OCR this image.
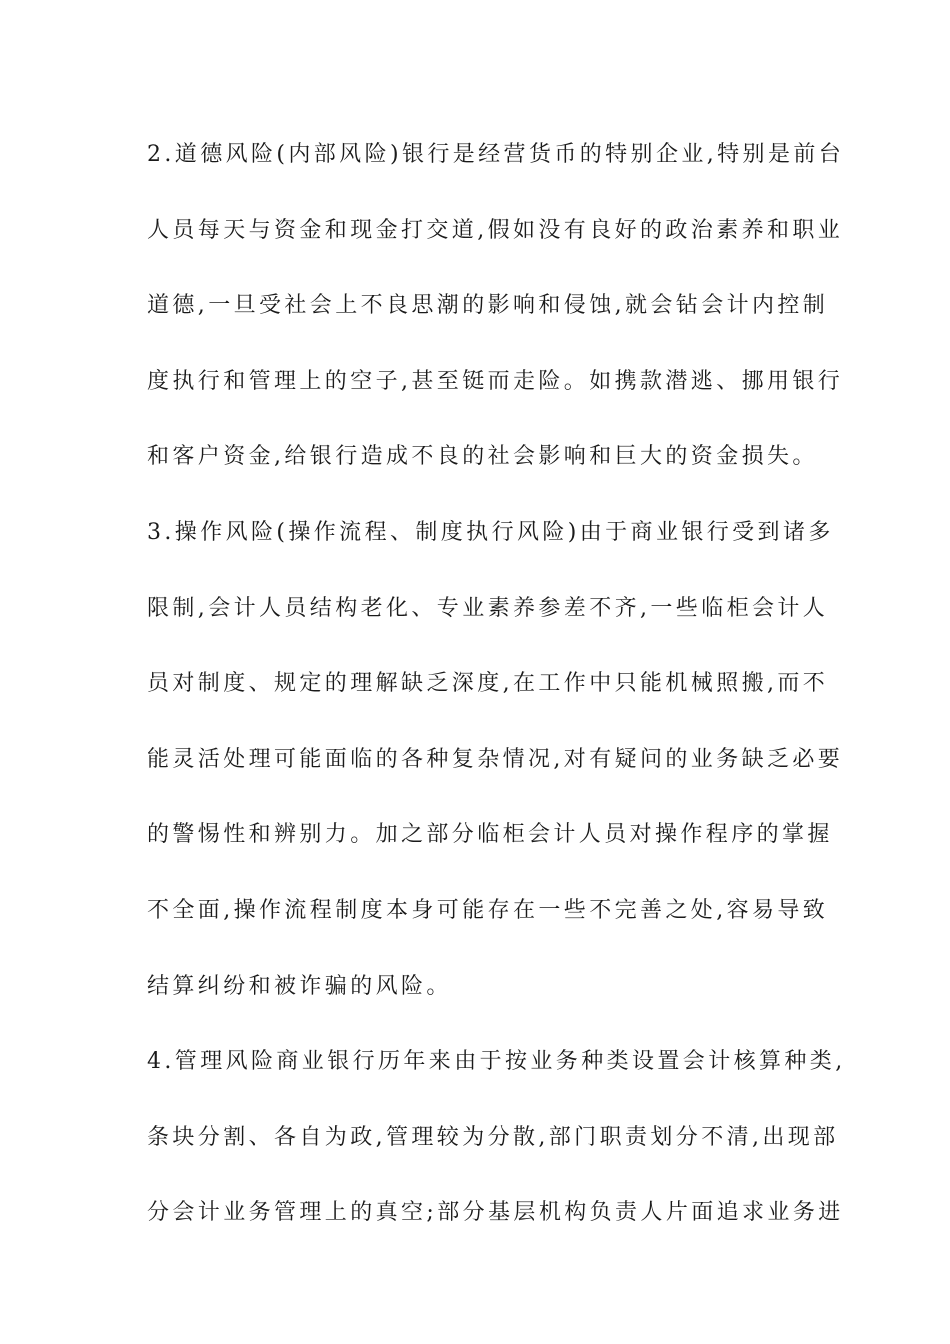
2.道德风险(内部风险)银行是经营货币的特别企业,特别是前台
人员每天与资金和现金打交道,假如没有良好的政治素养和职业
道德,一旦受社会上不良思潮的影响和侵蚀,就会钻会计内控制
度执行和管理上的空子,甚至铤而走险。如携款潜逃、挪用银行
和客户资金,给银行造成不良的社会影响和巨大的资金损失。
3.操作风险(操作流程、制度执行风险)由于商业银行受到诸多
限制,会计人员结构老化、专业素养参差不齐,一些临柜会计人
员对制度、规定的理解缺乏深度,在工作中只能机械照搬,而不
能灵活处理可能面临的各种复杂情况,对有疑问的业务缺乏必要
的警惕性和辨别力。加之部分临柜会计人员对操作程序的掌握
不全面,操作流程制度本身可能存在一些不完善之处,容易导致
结算纠纷和被诈骗的风险。
4.管理风险商业银行历年来由于按业务种类设置会计核算种类,
条块分割、各自为政,管理较为分散,部门职责划分不清,出现部
分会计业务管理上的真空;部分基层机构负责人片面追求业务进
